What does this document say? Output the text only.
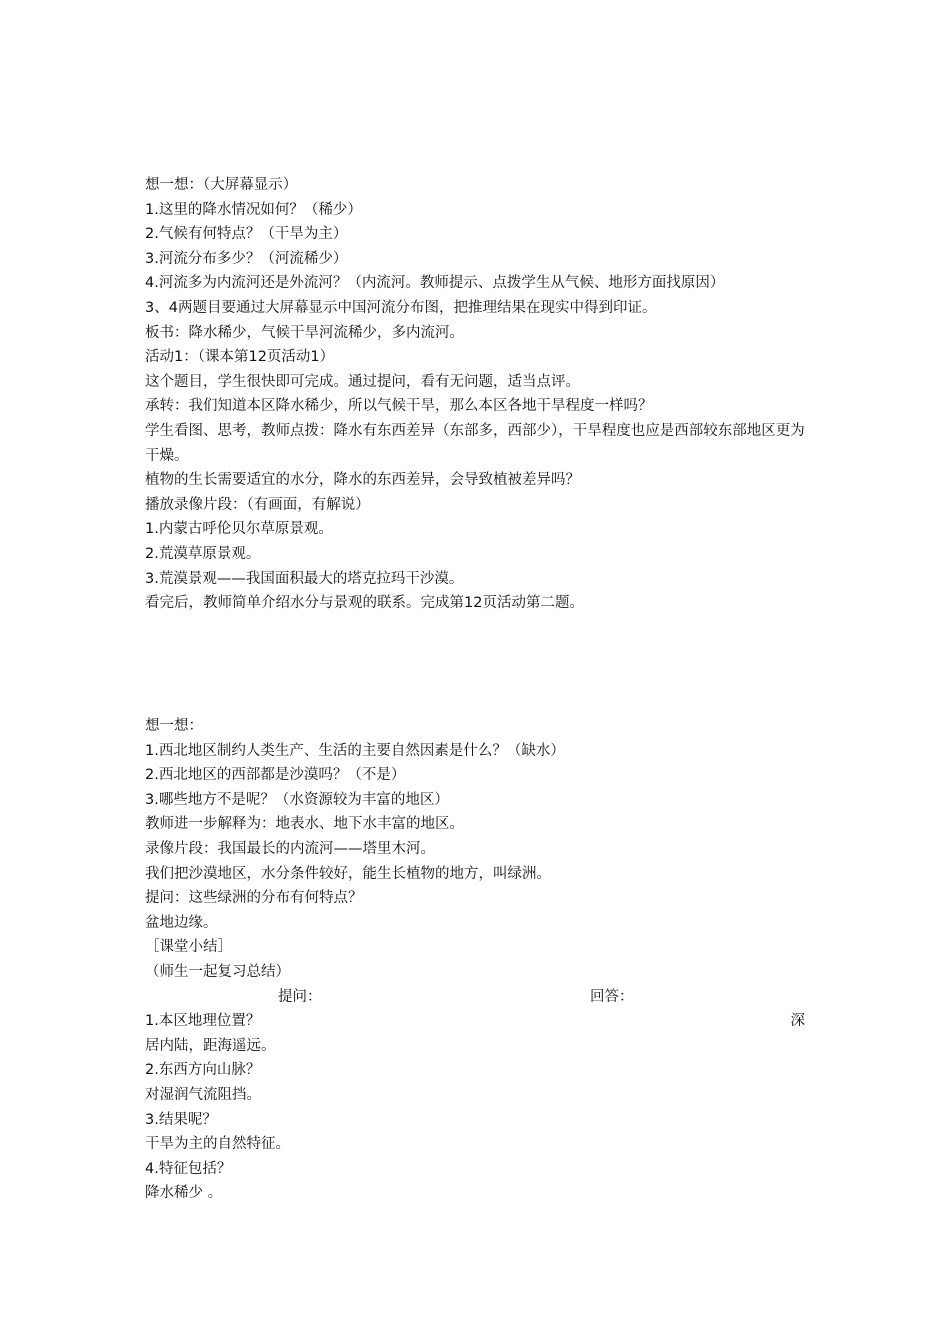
想一想：（大屏幕显示）
1.这里的降水情况如何？（稀少）
2.气候有何特点？（干旱为主）
3.河流分布多少？（河流稀少）
4.河流多为内流河还是外流河？（内流河。教师提示、点拨学生从气候、地形方面找原因）
3、4两题目要通过大屏幕显示中国河流分布图，把推理结果在现实中得到印证。
板书：降水稀少，气候干旱河流稀少，多内流河。
活动1：（课本第12页活动1）
这个题目，学生很快即可完成。通过提问，看有无问题，适当点评。
承转：我们知道本区降水稀少，所以气候干旱，那么本区各地干旱程度一样吗？
学生看图、思考，教师点拨：降水有东西差异（东部多，西部少），干旱程度也应是西部较东部地区更为干燥。
植物的生长需要适宜的水分，降水的东西差异，会导致植被差异吗？
播放录像片段：（有画面，有解说）
1.内蒙古呼伦贝尔草原景观。
2.荒漠草原景观。
3.荒漠景观——我国面积最大的塔克拉玛干沙漠。
看完后，教师简单介绍水分与景观的联系。完成第12页活动第二题。
想一想：
1.西北地区制约人类生产、生活的主要自然因素是什么？（缺水）
2.西北地区的西部都是沙漠吗？（不是）
3.哪些地方不是呢？（水资源较为丰富的地区）
教师进一步解释为：地表水、地下水丰富的地区。
录像片段：我国最长的内流河——塔里木河。
我们把沙漠地区，水分条件较好，能生长植物的地方，叫绿洲。
提问：这些绿洲的分布有何特点？
盆地边缘。
［课堂小结］
（师生一起复习总结）
提问：	回答：
1.本区地理位置？	深
居内陆，距海遥远。
2.东西方向山脉？
对湿润气流阻挡。
3.结果呢？
干旱为主的自然特征。
4.特征包括？
降水稀少 。
